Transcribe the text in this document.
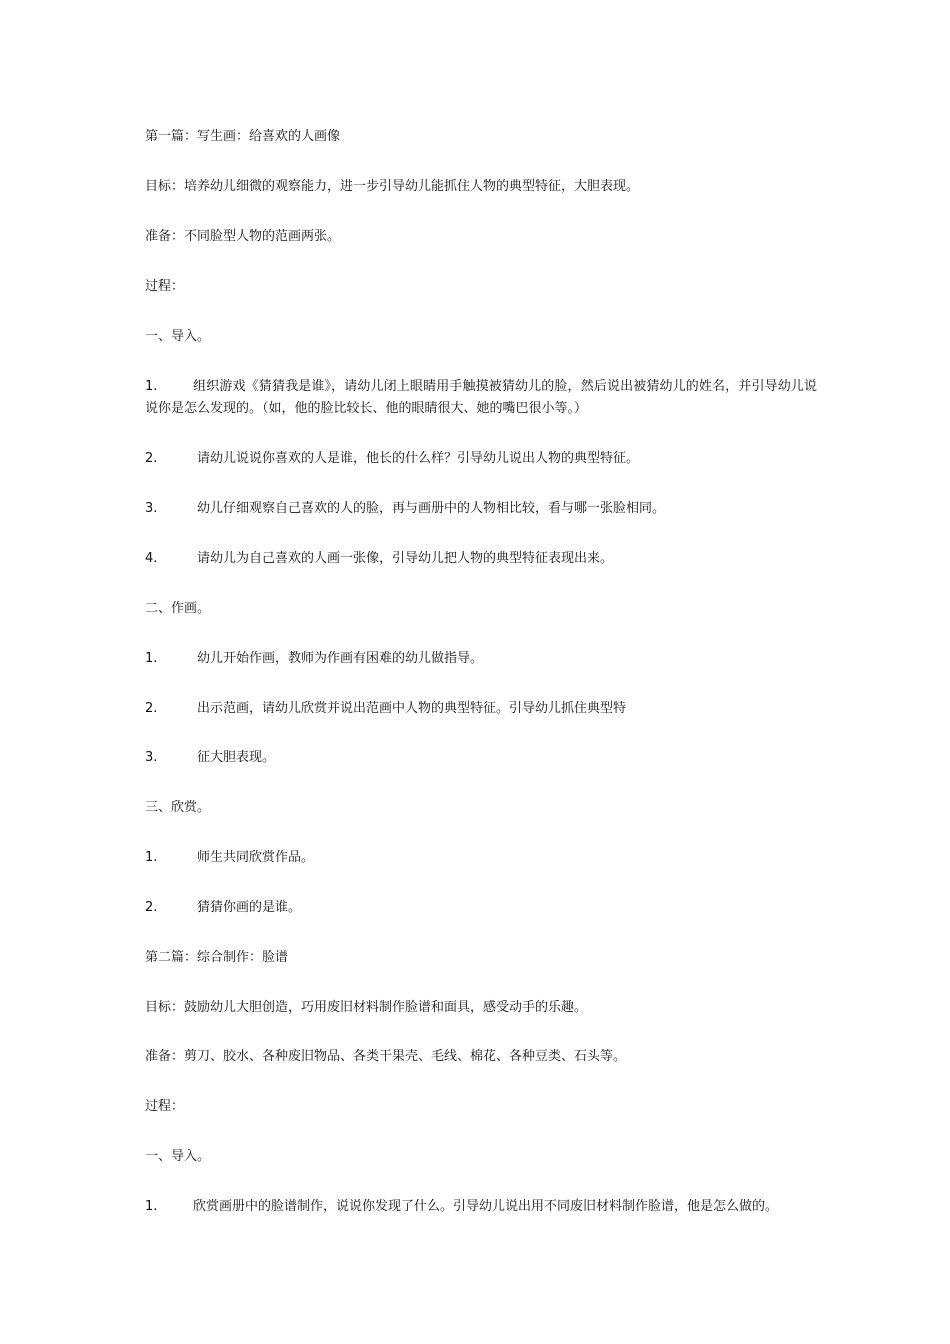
第一篇：写生画：给喜欢的人画像
目标：培养幼儿细微的观察能力，进一步引导幼儿能抓住人物的典型特征，大胆表现。
准备：不同脸型人物的范画两张。
过程：
一、导入。
1.	组织游戏《猜猜我是谁》，请幼儿闭上眼睛用手触摸被猜幼儿的脸，然后说出被猜幼儿的姓名，并引导幼儿说说你是怎么发现的。（如，他的脸比较长、他的眼睛很大、她的嘴巴很小等。）
2.	请幼儿说说你喜欢的人是谁，他长的什么样？引导幼儿说出人物的典型特征。
3.	幼儿仔细观察自己喜欢的人的脸，再与画册中的人物相比较，看与哪一张脸相同。
4.	请幼儿为自己喜欢的人画一张像，引导幼儿把人物的典型特征表现出来。
二、作画。
1.	幼儿开始作画，教师为作画有困难的幼儿做指导。
2.	出示范画，请幼儿欣赏并说出范画中人物的典型特征。引导幼儿抓住典型特
3.	征大胆表现。
三、欣赏。
1.	师生共同欣赏作品。
2.	猜猜你画的是谁。
第二篇：综合制作：脸谱
目标：鼓励幼儿大胆创造，巧用废旧材料制作脸谱和面具，感受动手的乐趣。
准备：剪刀、胶水、各种废旧物品、各类干果壳、毛线、棉花、各种豆类、石头等。
过程：
一、导入。
1.	欣赏画册中的脸谱制作，说说你发现了什么。引导幼儿说出用不同废旧材料制作脸谱，他是怎么做的。
